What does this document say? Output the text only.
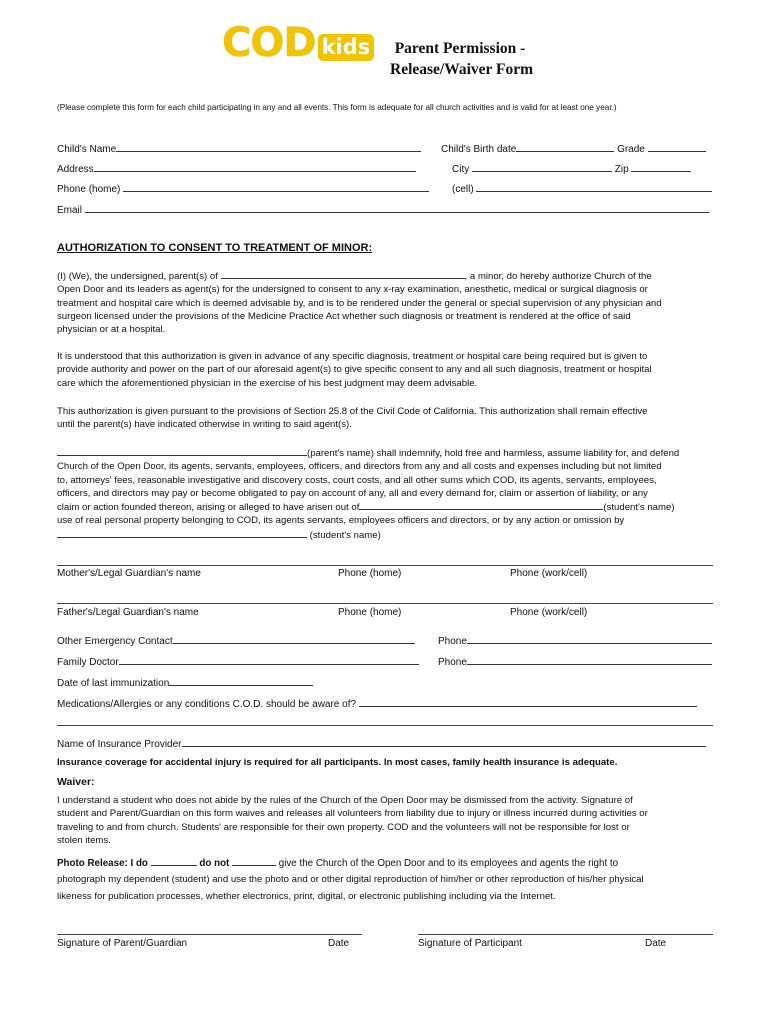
COD kids	Parent Permission -
Release/Waiver Form
(Please complete this form for each child participating in any and all events. This form is adequate for all church activities and is valid for at least one year.)
Child's Name	Child's Birth date	Grade
Address	City	Zip
Phone (home)	(cell)
Email
AUTHORIZATION TO CONSENT TO TREATMENT OF MINOR:
(I) (We), the undersigned, parent(s) of	, a minor, do hereby authorize Church of the
Open Door and its leaders as agent(s) for the undersigned to consent to any x-ray examination, anesthetic, medical or surgical diagnosis or
treatment and hospital care which is deemed advisable by, and is to be rendered under the general or special supervision of any physician and
surgeon licensed under the provisions of the Medicine Practice Act whether such diagnosis or treatment is rendered at the office of said
physician or at a hospital.
It is understood that this authorization is given in advance of any specific diagnosis, treatment or hospital care being required but is given to
provide authority and power on the part of our aforesaid agent(s) to give specific consent to any and all such diagnosis, treatment or hospital
care which the aforementioned physician in the exercise of his best judgment may deem advisable.
This authorization is given pursuant to the provisions of Section 25.8 of the Civil Code of California. This authorization shall remain effective
until the parent(s) have indicated otherwise in writing to said agent(s).
(parent's name) shall indemnify, hold free and harmless, assume liability for, and defend
Church of the Open Door, its agents, servants, employees, officers, and directors from any and all costs and expenses including but not limited
to, attorneys' fees, reasonable investigative and discovery costs, court costs, and all other sums which COD, its agents, servants, employees,
officers, and directors may pay or become obligated to pay on account of any, all and every demand for, claim or assertion of liability, or any
claim or action founded thereon, arising or alleged to have arisen out of	(student's name)
use of real personal property belonging to COD, its agents servants, employees officers and directors, or by any action or omission by
(student's name)
Mother's/Legal Guardian's name	Phone (home)	Phone (work/cell)
Father's/Legal Guardian's name	Phone (home)	Phone (work/cell)
Other Emergency Contact	Phone
Family Doctor	Phone
Date of last immunization
Medications/Allergies or any conditions C.O.D. should be aware of?
Name of Insurance Provider
Insurance coverage for accidental injury is required for all participants. In most cases, family health insurance is adequate.
Waiver:
I understand a student who does not abide by the rules of the Church of the Open Door may be dismissed from the activity. Signature of
student and Parent/Guardian on this form waives and releases all volunteers from liability due to injury or illness incurred during activities or
traveling to and from church. Students' are responsible for their own property. COD and the volunteers will not be responsible for lost or
stolen items.
Photo Release: I do	do not	give the Church of the Open Door and to its employees and agents the right to
photograph my dependent (student) and use the photo and or other digital reproduction of him/her or other reproduction of his/her physical
likeness for publication processes, whether electronics, print, digital, or electronic publishing including via the Internet.
Signature of Parent/Guardian	Date	Signature of Participant	Date
